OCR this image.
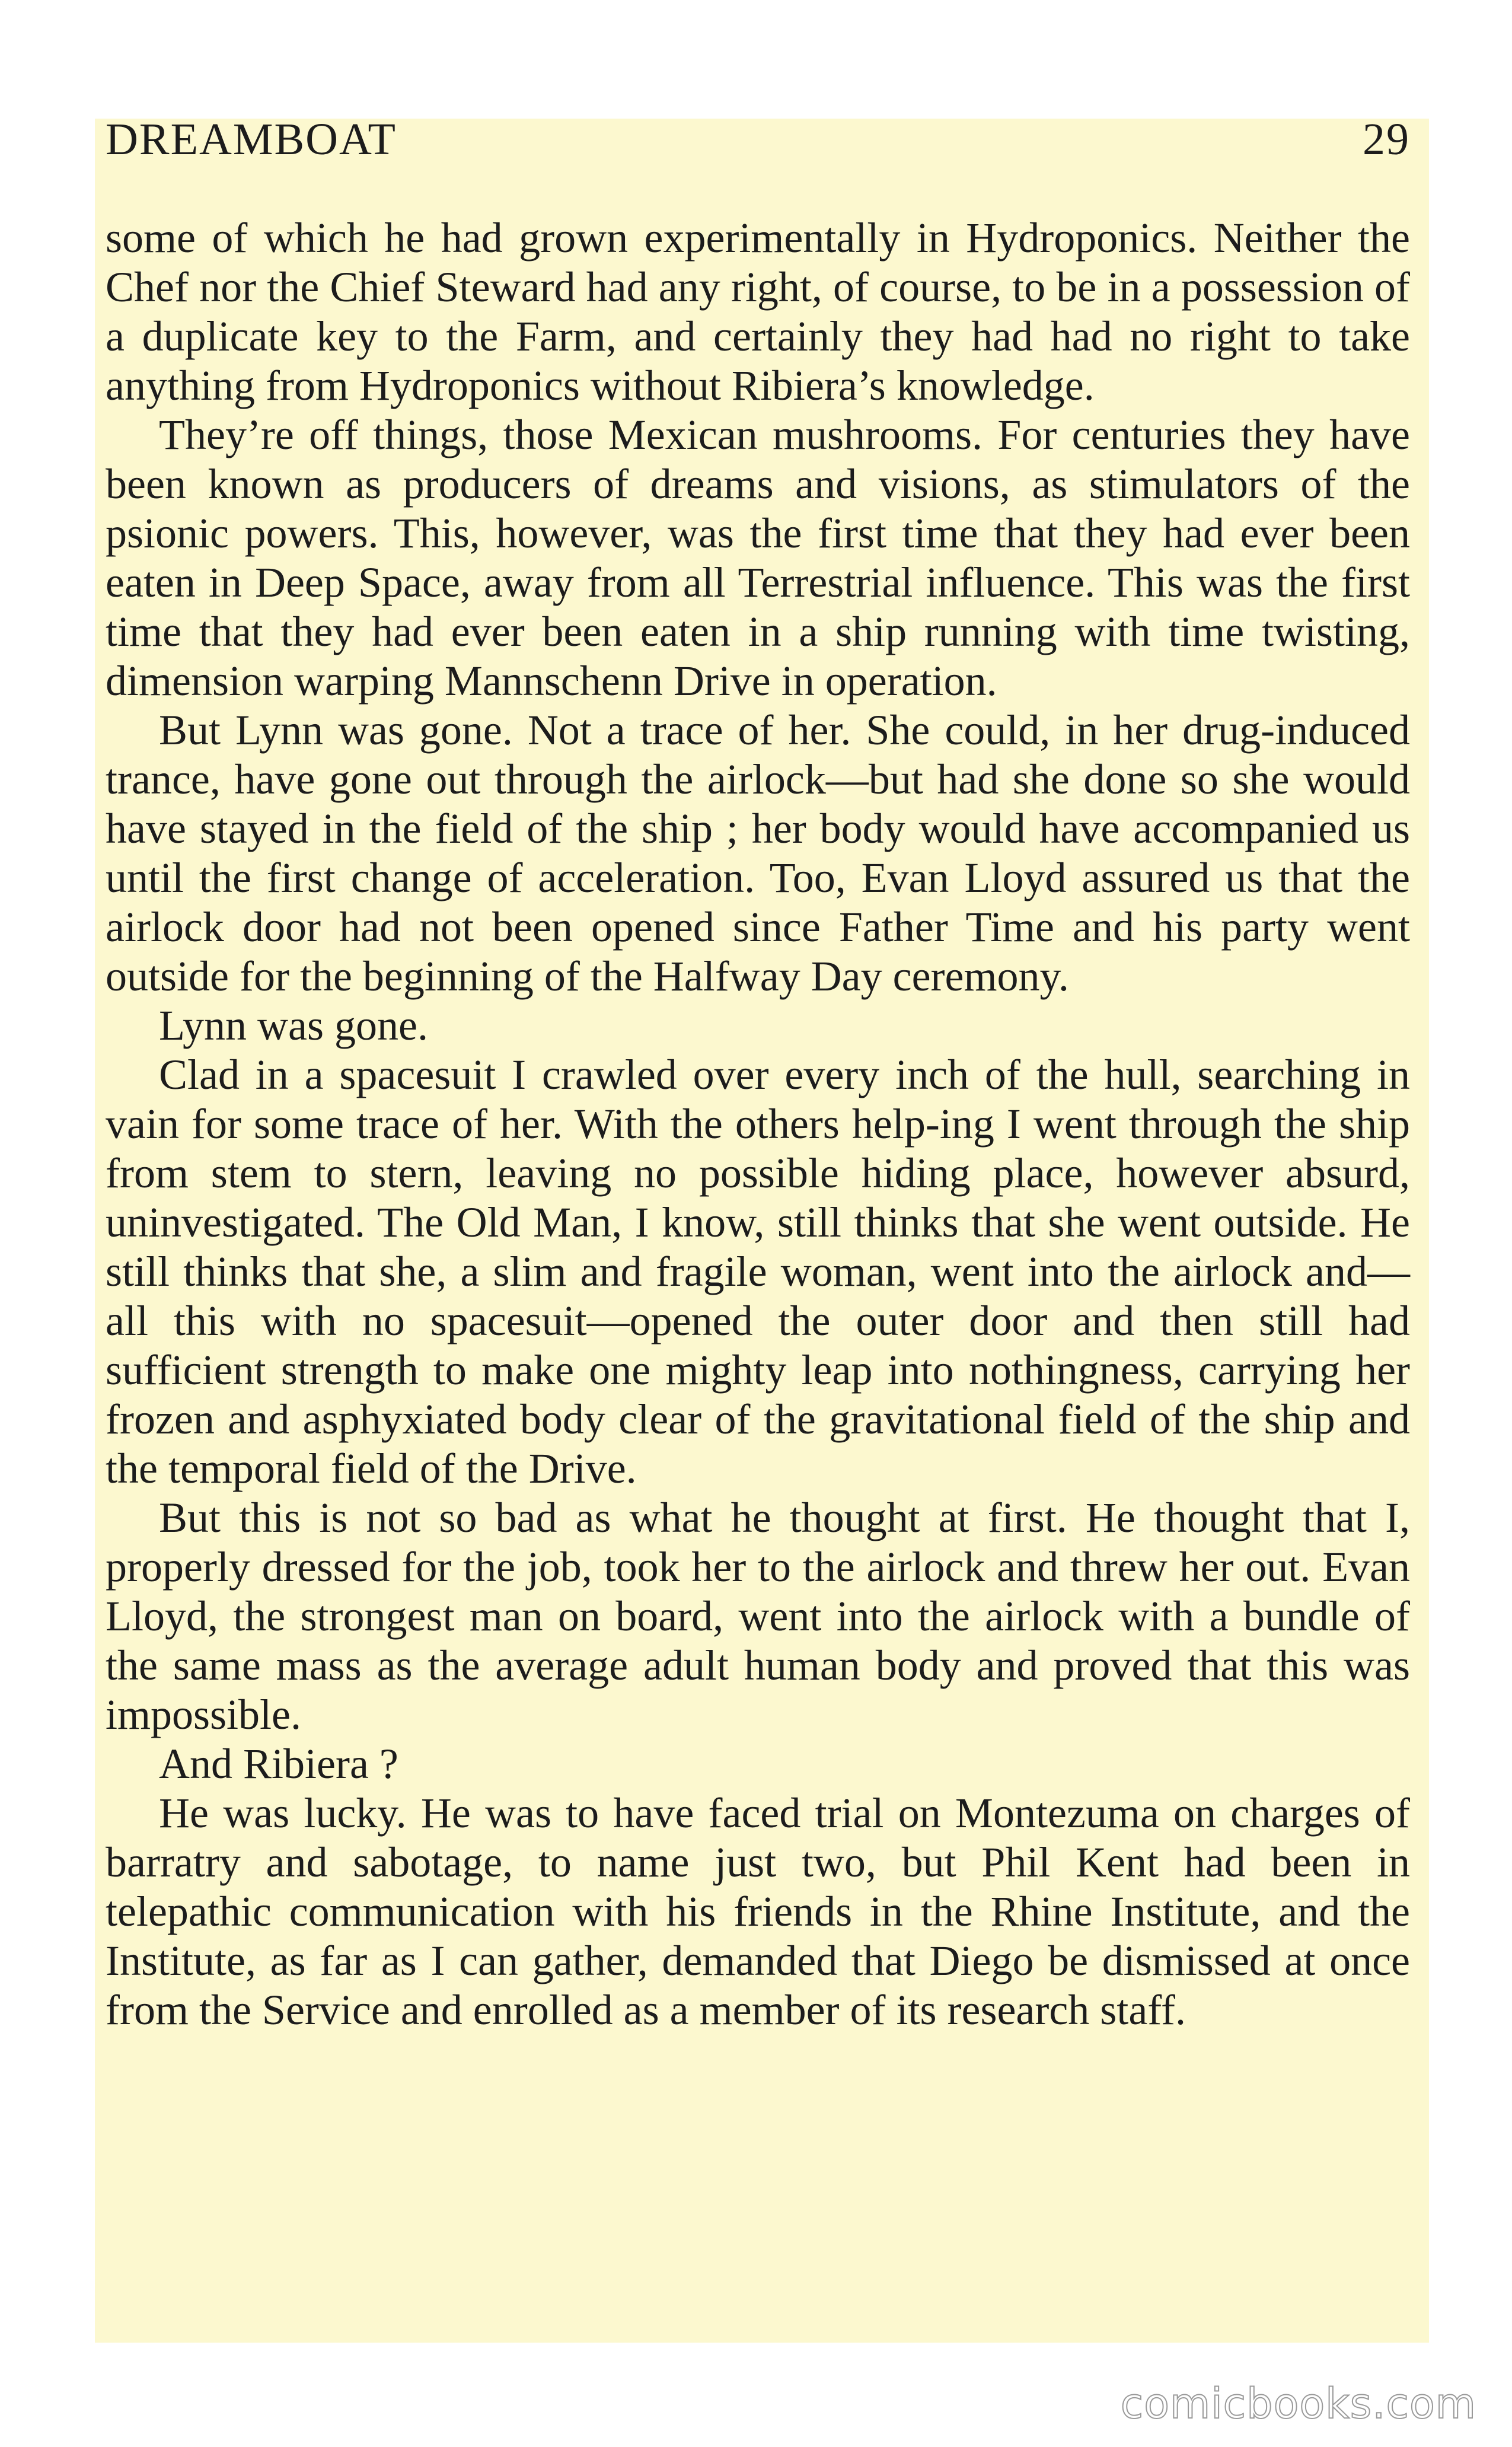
DREAMBOAT	29

some of which he had grown experimentally in Hydroponics. Neither the Chef nor the Chief Steward had any right, of course, to be in a possession of a duplicate key to the Farm, and certainly they had had no right to take anything from Hydroponics without Ribiera’s knowledge.

They’re off things, those Mexican mushrooms. For centuries they have been known as producers of dreams and visions, as stimulators of the psionic powers. This, however, was the first time that they had ever been eaten in Deep Space, away from all Terrestrial influence. This was the first time that they had ever been eaten in a ship running with time twisting, dimension warping Mannschenn Drive in operation.

But Lynn was gone. Not a trace of her. She could, in her drug-induced trance, have gone out through the airlock—but had she done so she would have stayed in the field of the ship ; her body would have accompanied us until the first change of acceleration. Too, Evan Lloyd assured us that the airlock door had not been opened since Father Time and his party went outside for the beginning of the Halfway Day ceremony.

Lynn was gone.

Clad in a spacesuit I crawled over every inch of the hull, searching in vain for some trace of her. With the others help-ing I went through the ship from stem to stern, leaving no possible hiding place, however absurd, uninvestigated. The Old Man, I know, still thinks that she went outside. He still thinks that she, a slim and fragile woman, went into the airlock and—all this with no spacesuit—opened the outer door and then still had sufficient strength to make one mighty leap into nothingness, carrying her frozen and asphyxiated body clear of the gravitational field of the ship and the temporal field of the Drive.

But this is not so bad as what he thought at first. He thought that I, properly dressed for the job, took her to the airlock and threw her out. Evan Lloyd, the strongest man on board, went into the airlock with a bundle of the same mass as the average adult human body and proved that this was impossible.

And Ribiera ?

He was lucky. He was to have faced trial on Montezuma on charges of barratry and sabotage, to name just two, but Phil Kent had been in telepathic communication with his friends in the Rhine Institute, and the Institute, as far as I can gather, demanded that Diego be dismissed at once from the Service and enrolled as a member of its research staff.

comicbooks.com
